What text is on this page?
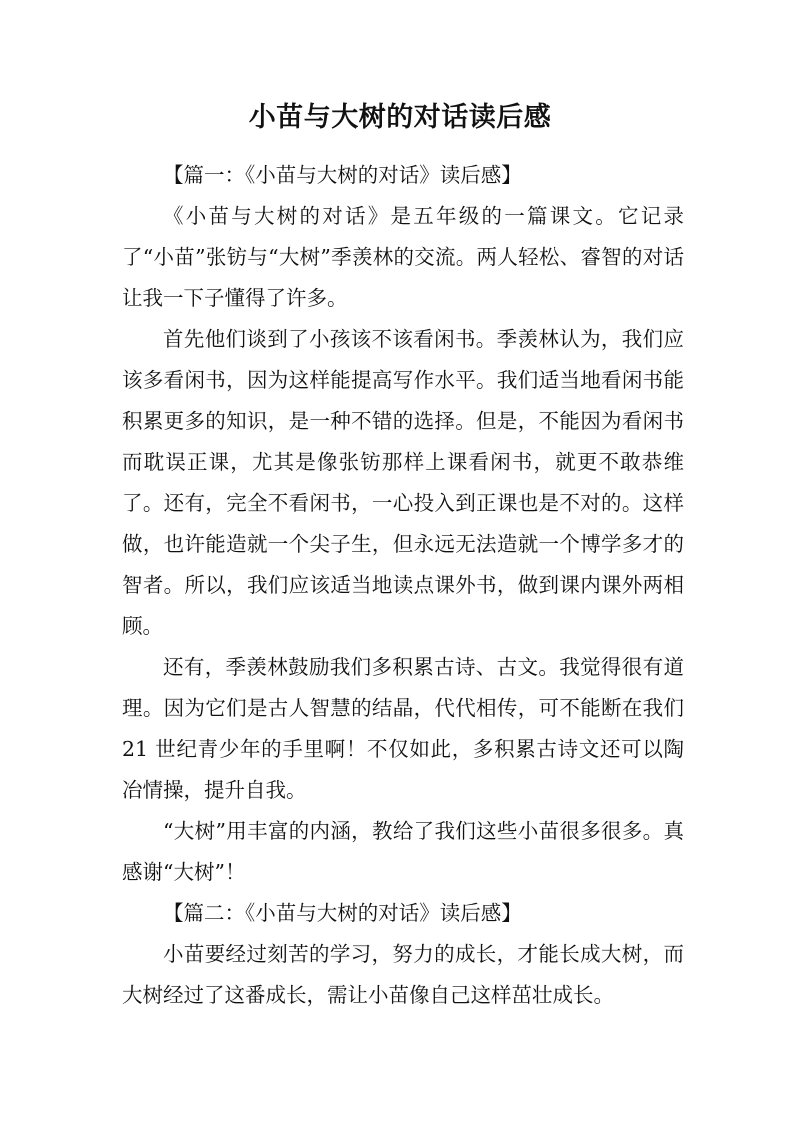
小苗与大树的对话读后感

【篇一：《小苗与大树的对话》读后感】

《小苗与大树的对话》是五年级的一篇课文。它记录了“小苗”张钫与“大树”季羡林的交流。两人轻松、睿智的对话让我一下子懂得了许多。

首先他们谈到了小孩该不该看闲书。季羡林认为，我们应该多看闲书，因为这样能提高写作水平。我们适当地看闲书能积累更多的知识，是一种不错的选择。但是，不能因为看闲书而耽误正课，尤其是像张钫那样上课看闲书，就更不敢恭维了。还有，完全不看闲书，一心投入到正课也是不对的。这样做，也许能造就一个尖子生，但永远无法造就一个博学多才的智者。所以，我们应该适当地读点课外书，做到课内课外两相顾。

还有，季羡林鼓励我们多积累古诗、古文。我觉得很有道理。因为它们是古人智慧的结晶，代代相传，可不能断在我们 21 世纪青少年的手里啊！不仅如此，多积累古诗文还可以陶冶情操，提升自我。

“大树”用丰富的内涵，教给了我们这些小苗很多很多。真感谢“大树”！

【篇二：《小苗与大树的对话》读后感】

小苗要经过刻苦的学习，努力的成长，才能长成大树，而大树经过了这番成长，需让小苗像自己这样茁壮成长。
